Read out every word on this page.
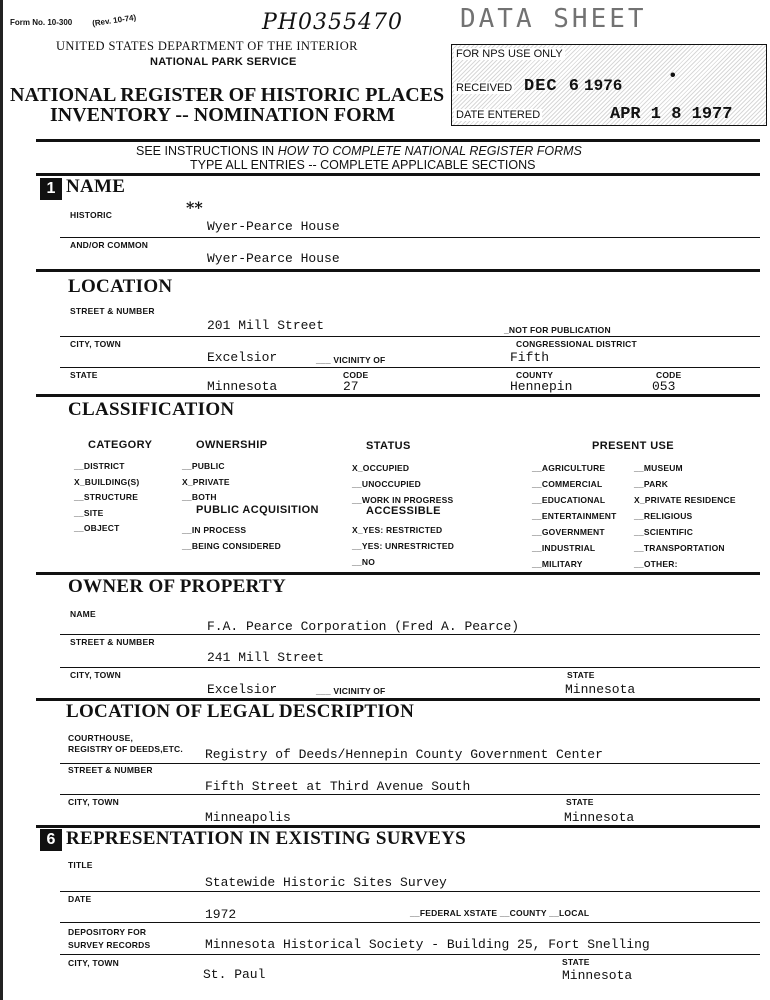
Form No. 10-300 (Rev. 10-74)	PH0355470 DATA SHEET
UNITED STATES DEPARTMENT OF THE INTERIOR
NATIONAL PARK SERVICE
NATIONAL REGISTER OF HISTORIC PLACES
INVENTORY -- NOMINATION FORM
FOR NPS USE ONLY
RECEIVED DEC 6 1976
•
DATE ENTERED	APR 1 8 1977
SEE INSTRUCTIONS IN HOW TO COMPLETE NATIONAL REGISTER FORMS
TYPE ALL ENTRIES -- COMPLETE APPLICABLE SECTIONS
1 NAME
HISTORIC	**
Wyer-Pearce House
AND/OR COMMON
Wyer-Pearce House
LOCATION
STREET & NUMBER
201 Mill Street	_NOT FOR PUBLICATION
CITY, TOWN	CONGRESSIONAL DISTRICT
Excelsior	___ VICINITY OF	Fifth
STATE	CODE	COUNTY	CODE
Minnesota	27	Hennepin	053
CLASSIFICATION
CATEGORY
__DISTRICT
X_BUILDING(S)
__STRUCTURE
__SITE
__OBJECT
OWNERSHIP
__PUBLIC
X_PRIVATE
__BOTH
PUBLIC ACQUISITION
__IN PROCESS
__BEING CONSIDERED
STATUS
X_OCCUPIED
__UNOCCUPIED
__WORK IN PROGRESS
ACCESSIBLE
X_YES: RESTRICTED
__YES: UNRESTRICTED
__NO
PRESENT USE
__AGRICULTURE
__COMMERCIAL
__EDUCATIONAL
__ENTERTAINMENT
__GOVERNMENT
__INDUSTRIAL
__MILITARY
__MUSEUM
__PARK
X_PRIVATE RESIDENCE
__RELIGIOUS
__SCIENTIFIC
__TRANSPORTATION
__OTHER:
OWNER OF PROPERTY
NAME
F.A. Pearce Corporation (Fred A. Pearce)
STREET & NUMBER
241 Mill Street
CITY, TOWN	STATE
Excelsior	___ VICINITY OF	Minnesota
LOCATION OF LEGAL DESCRIPTION
COURTHOUSE,
REGISTRY OF DEEDS,ETC. Registry of Deeds/Hennepin County Government Center
STREET & NUMBER
Fifth Street at Third Avenue South
CITY, TOWN	STATE
Minneapolis	Minnesota
6 REPRESENTATION IN EXISTING SURVEYS
TITLE
Statewide Historic Sites Survey
DATE
1972	__FEDERAL XSTATE __COUNTY __LOCAL
DEPOSITORY FOR
SURVEY RECORDS	Minnesota Historical Society - Building 25, Fort Snelling
CITY, TOWN	STATE
St. Paul	Minnesota
